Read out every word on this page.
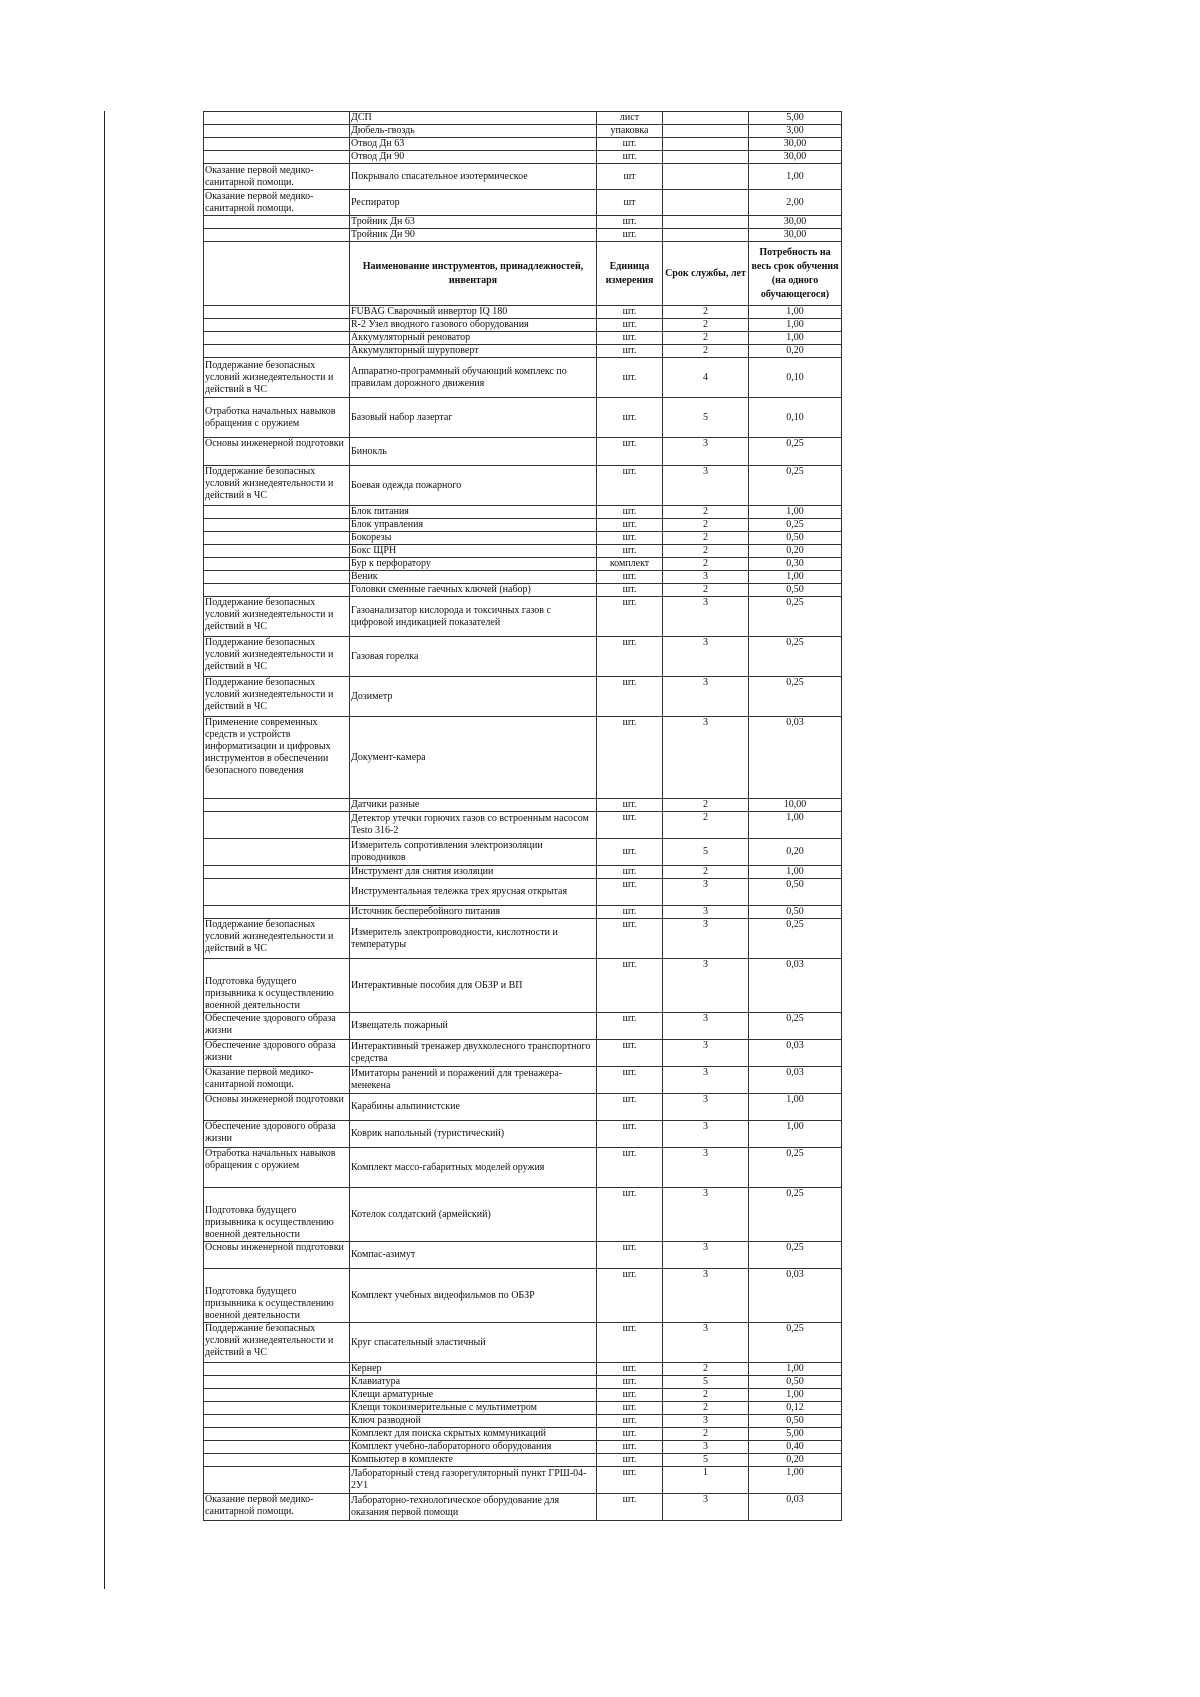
	ДСП	лист		5,00
	Дюбель-гвоздь	упаковка		3,00
	Отвод Дн 63	шт.		30,00
	Отвод Дн 90	шт.		30,00
Оказание первой медико-санитарной помощи.	Покрывало спасательное изотермическое	шт		1,00
Оказание первой медико-санитарной помощи.	Респиратор	шт		2,00
	Тройник Дн 63	шт.		30,00
	Тройник Дн 90	шт.		30,00
	Наименование инструментов, принадлежностей, инвентаря	Единица измерения	Срок службы, лет	Потребность на весь срок обучения (на одного обучающегося)
	FUBAG Сварочный инвертор IQ 180	шт.	2	1,00
	R-2 Узел вводного газового оборудования	шт.	2	1,00
	Аккумуляторный реноватор	шт.	2	1,00
	Аккумуляторный шуруповерт	шт.	2	0,20
Поддержание безопасных условий жизнедеятельности и действий в ЧС	Аппаратно-программный обучающий комплекс по правилам дорожного движения	шт.	4	0,10
Отработка начальных навыков обращения с оружием	Базовый набор лазертаг	шт.	5	0,10
Основы инженерной подготовки	Бинокль	шт.	3	0,25
Поддержание безопасных условий жизнедеятельности и действий в ЧС	Боевая одежда пожарного	шт.	3	0,25
	Блок питания	шт.	2	1,00
	Блок управления	шт.	2	0,25
	Бокорезы	шт.	2	0,50
	Бокс ЩРН	шт.	2	0,20
	Бур к перфоратору	комплект	2	0,30
	Веник	шт.	3	1,00
	Головки сменные гаечных ключей (набор)	шт.	2	0,50
Поддержание безопасных условий жизнедеятельности и действий в ЧС	Газоанализатор кислорода и токсичных газов с цифровой индикацией показателей	шт.	3	0,25
Поддержание безопасных условий жизнедеятельности и действий в ЧС	Газовая горелка	шт.	3	0,25
Поддержание безопасных условий жизнедеятельности и действий в ЧС	Дозиметр	шт.	3	0,25
Применение современных средств и устройств информатизации и цифровых инструментов в обеспечении безопасного поведения	Документ-камера	шт.	3	0,03
	Датчики разные	шт.	2	10,00
	Детектор утечки горючих газов со встроенным насосом Testo 316-2	шт.	2	1,00
	Измеритель сопротивления электроизоляции проводников	шт.	5	0,20
	Инструмент для снятия изоляции	шт.	2	1,00
	Инструментальная тележка трех ярусная открытая	шт.	3	0,50
	Источник бесперебойного питания	шт.	3	0,50
Поддержание безопасных условий жизнедеятельности и действий в ЧС	Измеритель электропроводности, кислотности и температуры	шт.	3	0,25
Подготовка будущего призывника к осуществлению военной деятельности	Интерактивные пособия для ОБЗР и ВП	шт.	3	0,03
Обеспечение здорового образа жизни	Извещатель пожарный	шт.	3	0,25
Обеспечение здорового образа жизни	Интерактивный тренажер двухколесного транспортного средства	шт.	3	0,03
Оказание первой медико-санитарной помощи.	Имитаторы ранений и поражений для тренажера-менекена	шт.	3	0,03
Основы инженерной подготовки	Карабины альпинистские	шт.	3	1,00
Обеспечение здорового образа жизни	Коврик напольный (туристический)	шт.	3	1,00
Отработка начальных навыков обращения с оружием	Комплект массо-габаритных моделей оружия	шт.	3	0,25
Подготовка будущего призывника к осуществлению военной деятельности	Котелок солдатский (армейский)	шт.	3	0,25
Основы инженерной подготовки	Компас-азимут	шт.	3	0,25
Подготовка будущего призывника к осуществлению военной деятельности	Комплект учебных видеофильмов по ОБЗР	шт.	3	0,03
Поддержание безопасных условий жизнедеятельности и действий в ЧС	Круг спасательный эластичный	шт.	3	0,25
	Кернер	шт.	2	1,00
	Клавиатура	шт.	5	0,50
	Клещи арматурные	шт.	2	1,00
	Клещи токоизмерительные с мультиметром	шт.	2	0,12
	Ключ разводной	шт.	3	0,50
	Комплект для поиска скрытых коммуникаций	шт.	2	5,00
	Комплект учебно-лабораторного оборудования	шт.	3	0,40
	Компьютер в комплекте	шт.	5	0,20
	Лабораторный стенд газорегуляторный пункт ГРШ-04-2У1	шт.	1	1,00
Оказание первой медико-санитарной помощи.	Лабораторно-технологическое оборудование для оказания первой помощи	шт.	3	0,03
